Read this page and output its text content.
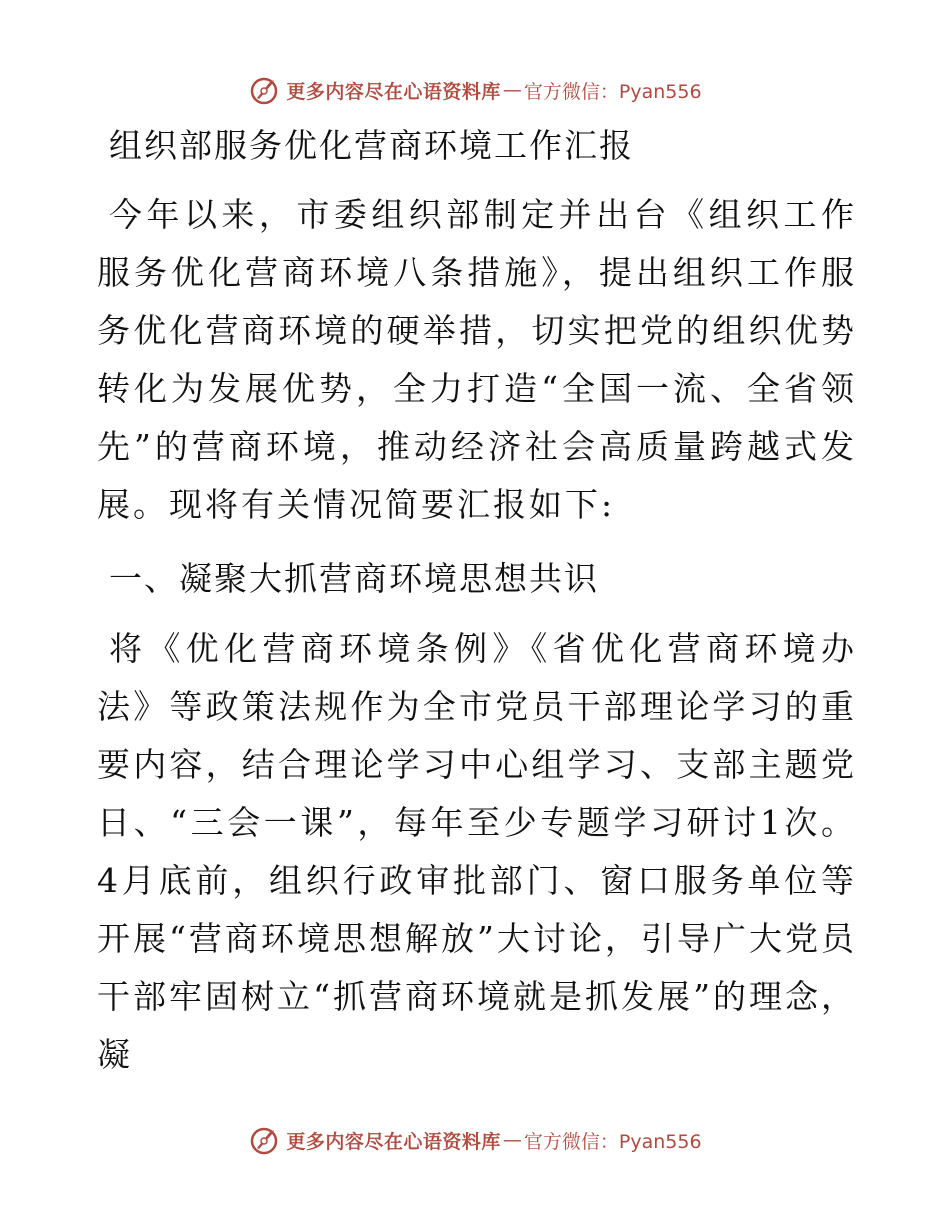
更多内容尽在心语资料库 — 官方微信：Pyan556
组织部服务优化营商环境工作汇报

今年以来，市委组织部制定并出台《组织工作服务优化营商环境八条措施》，提出组织工作服务优化营商环境的硬举措，切实把党的组织优势转化为发展优势，全力打造“全国一流、全省领先”的营商环境，推动经济社会高质量跨越式发展。现将有关情况简要汇报如下:

一、凝聚大抓营商环境思想共识

将《优化营商环境条例》《省优化营商环境办法》等政策法规作为全市党员干部理论学习的重要内容，结合理论学习中心组学习、支部主题党日、“三会一课”，每年至少专题学习研讨1次。4月底前，组织行政审批部门、窗口服务单位等开展“营商环境思想解放”大讨论，引导广大党员干部牢固树立“抓营商环境就是抓发展”的理念，凝

更多内容尽在心语资料库 — 官方微信：Pyan556
